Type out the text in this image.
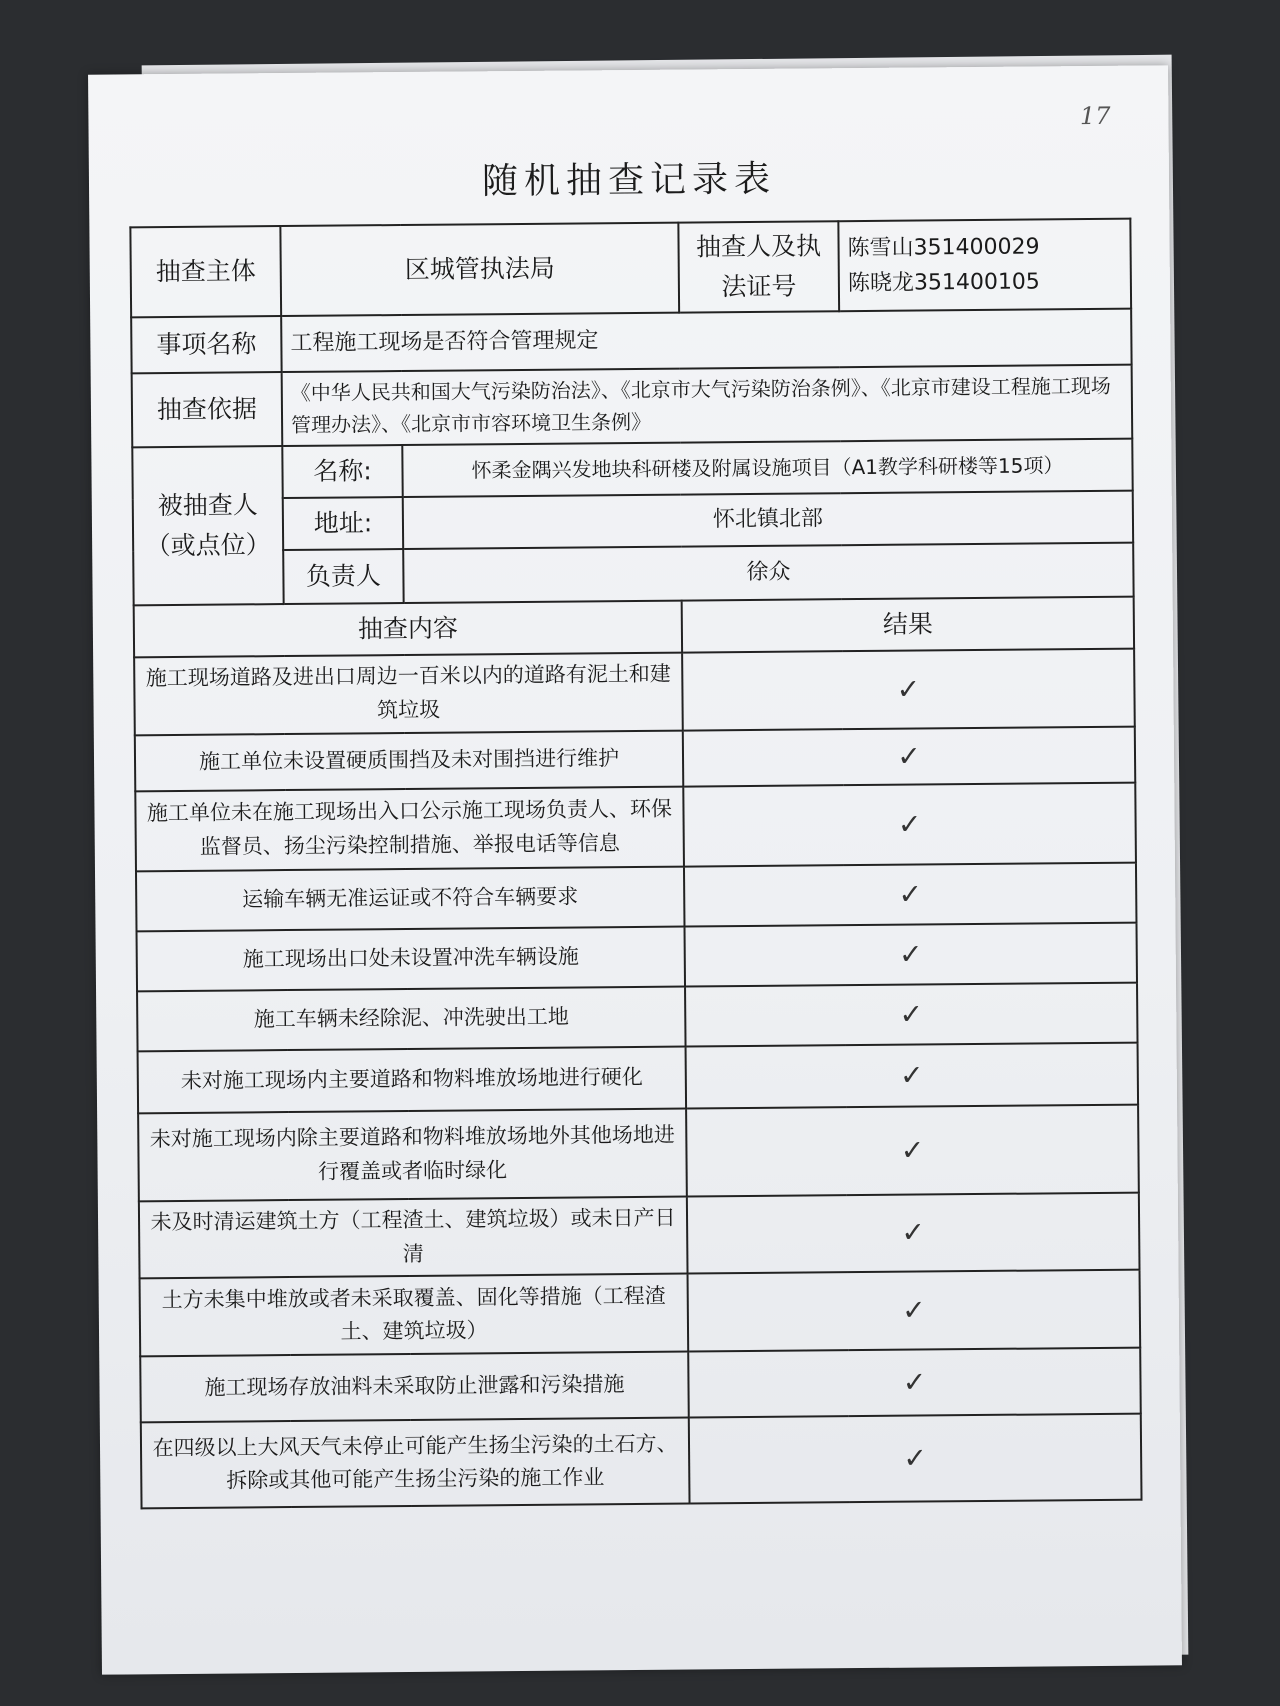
17
随机抽查记录表
抽查主体	区城管执法局		抽查人及执法证号	陈雪山351400029
陈晓龙351400105

事项名称	工程施工现场是否符合管理规定			
抽查依据	《中华人民共和国大气污染防治法》、《北京市大气污染防治条例》、《北京市建设工程施工现场管理办法》、《北京市市容环境卫生条例》			
被抽查人（或点位）	名称:	怀柔金隅兴发地块科研楼及附属设施项目（A1教学科研楼等15项）		
	地址:	怀北镇北部		
	负责人	徐众		
抽查内容			结果	
施工现场道路及进出口周边一百米以内的道路有泥土和建筑垃圾			✓	
施工单位未设置硬质围挡及未对围挡进行维护			✓	
施工单位未在施工现场出入口公示施工现场负责人、环保监督员、扬尘污染控制措施、举报电话等信息			✓	
运输车辆无准运证或不符合车辆要求			✓	
施工现场出口处未设置冲洗车辆设施			✓	
施工车辆未经除泥、冲洗驶出工地			✓	
未对施工现场内主要道路和物料堆放场地进行硬化			✓	
未对施工现场内除主要道路和物料堆放场地外其他场地进行覆盖或者临时绿化			✓	
未及时清运建筑土方（工程渣土、建筑垃圾）或未日产日清			✓	
土方未集中堆放或者未采取覆盖、固化等措施（工程渣土、建筑垃圾）			✓	
施工现场存放油料未采取防止泄露和污染措施			✓	
在四级以上大风天气未停止可能产生扬尘污染的土石方、拆除或其他可能产生扬尘污染的施工作业			✓	
